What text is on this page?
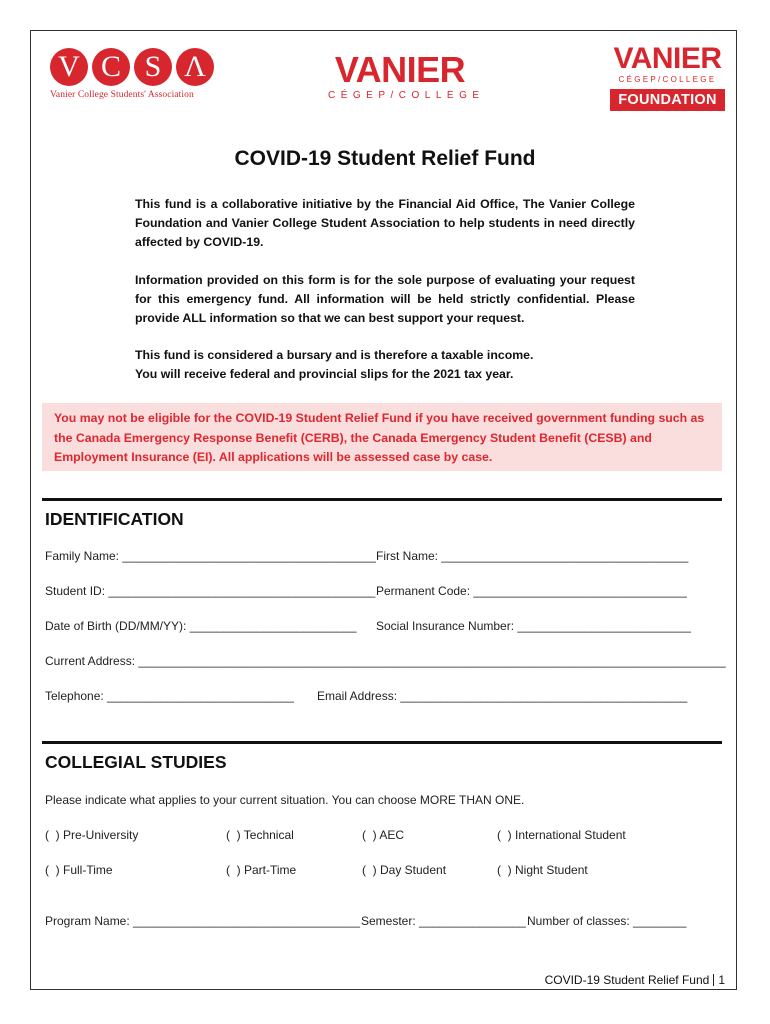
V C S Λ
Vanier College Students' Association
VANIER
CÉGEP/COLLEGE
VANIER
CÉGEP/COLLEGE
FOUNDATION
COVID-19 Student Relief Fund

This fund is a collaborative initiative by the Financial Aid Office, The Vanier College Foundation and Vanier College Student Association to help students in need directly affected by COVID-19.

Information provided on this form is for the sole purpose of evaluating your request for this emergency fund. All information will be held strictly confidential. Please provide ALL information so that we can best support your request.

This fund is considered a bursary and is therefore a taxable income.
You will receive federal and provincial slips for the 2021 tax year.
You may not be eligible for the COVID-19 Student Relief Fund if you have received government funding such as the Canada Emergency Response Benefit (CERB), the Canada Emergency Student Benefit (CESB) and Employment Insurance (EI). All applications will be assessed case by case.
IDENTIFICATION
Family Name: ______________________________________ First Name: _____________________________________
Student ID: ________________________________________ Permanent Code: ________________________________
Date of Birth (DD/MM/YY): _________________________ Social Insurance Number: __________________________
Current Address: ________________________________________________________________________________________
Telephone: ____________________________ Email Address: ___________________________________________
COLLEGIAL STUDIES
Please indicate what applies to your current situation. You can choose MORE THAN ONE.
(  ) Pre-University	(  ) Technical	(  ) AEC	(  ) International Student
(  ) Full-Time	(  ) Part-Time	(  ) Day Student	(  ) Night Student
Program Name: __________________________________ Semester: ________________ Number of classes: ________
COVID-19 Student Relief Fund 1
